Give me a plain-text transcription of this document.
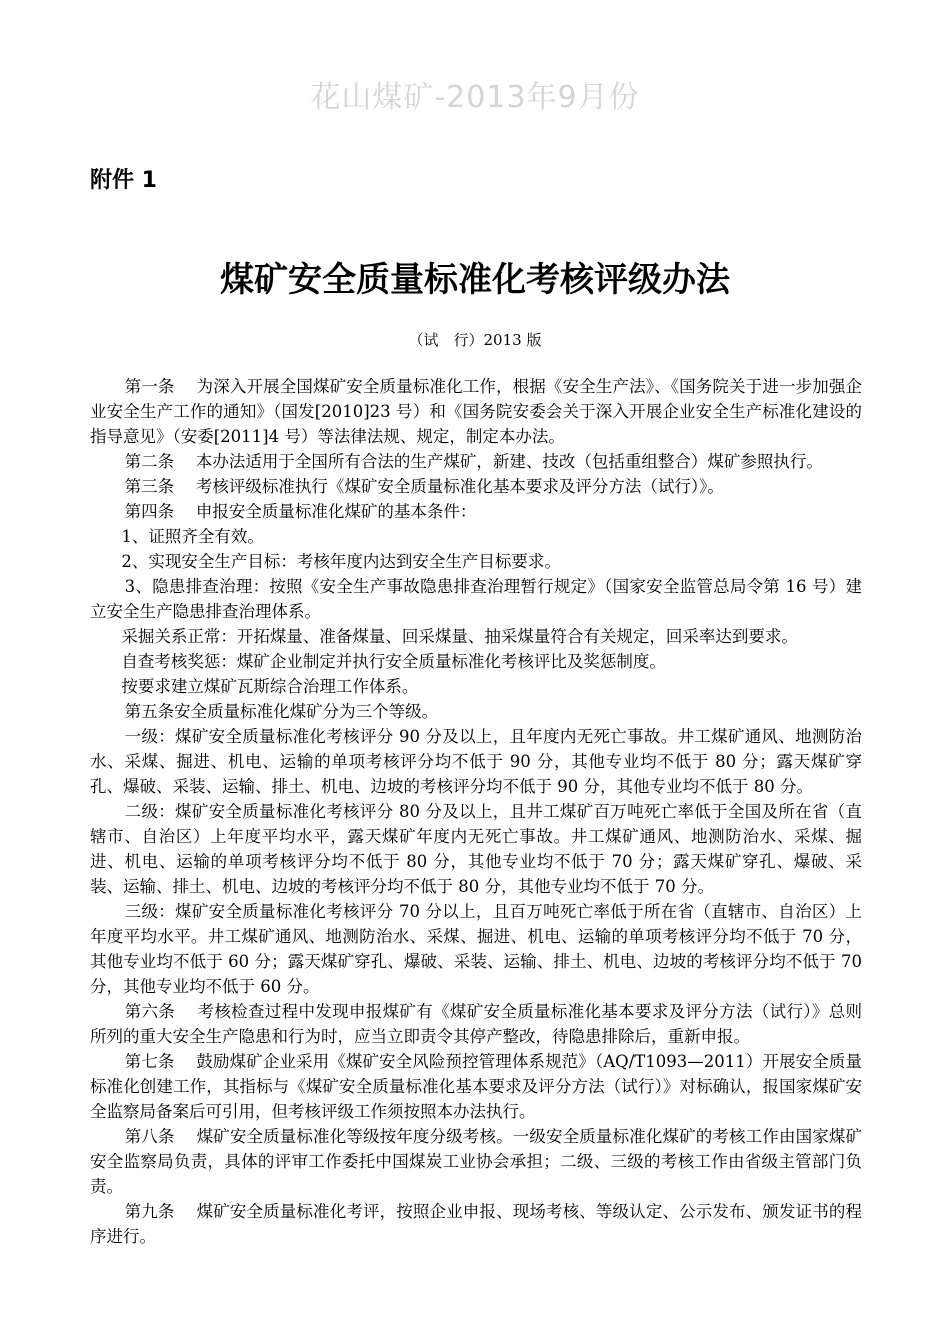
花山煤矿-2013年9月份
附件 1
煤矿安全质量标准化考核评级办法
（试　行）2013 版

第一条　 为深入开展全国煤矿安全质量标准化工作，根据《安全生产法》、《国务院关于进一步加强企业安全生产工作的通知》（国发[2010]23 号）和《国务院安委会关于深入开展企业安全生产标准化建设的指导意见》（安委[2011]4 号）等法律法规、规定，制定本办法。

第二条　 本办法适用于全国所有合法的生产煤矿，新建、技改（包括重组整合）煤矿参照执行。

第三条　 考核评级标准执行《煤矿安全质量标准化基本要求及评分方法（试行）》。

第四条　 申报安全质量标准化煤矿的基本条件：

1、证照齐全有效。

2、实现安全生产目标：考核年度内达到安全生产目标要求。

3、隐患排查治理：按照《安全生产事故隐患排查治理暂行规定》（国家安全监管总局令第 16 号）建立安全生产隐患排查治理体系。

采掘关系正常：开拓煤量、准备煤量、回采煤量、抽采煤量符合有关规定，回采率达到要求。

自查考核奖惩：煤矿企业制定并执行安全质量标准化考核评比及奖惩制度。

按要求建立煤矿瓦斯综合治理工作体系。

第五条安全质量标准化煤矿分为三个等级。

一级：煤矿安全质量标准化考核评分 90 分及以上，且年度内无死亡事故。井工煤矿通风、地测防治水、采煤、掘进、机电、运输的单项考核评分均不低于 90 分，其他专业均不低于 80 分；露天煤矿穿孔、爆破、采装、运输、排土、机电、边坡的考核评分均不低于 90 分，其他专业均不低于 80 分。

二级：煤矿安全质量标准化考核评分 80 分及以上，且井工煤矿百万吨死亡率低于全国及所在省（直辖市、自治区）上年度平均水平，露天煤矿年度内无死亡事故。井工煤矿通风、地测防治水、采煤、掘进、机电、运输的单项考核评分均不低于 80 分，其他专业均不低于 70 分；露天煤矿穿孔、爆破、采装、运输、排土、机电、边坡的考核评分均不低于 80 分，其他专业均不低于 70 分。

三级：煤矿安全质量标准化考核评分 70 分以上，且百万吨死亡率低于所在省（直辖市、自治区）上年度平均水平。井工煤矿通风、地测防治水、采煤、掘进、机电、运输的单项考核评分均不低于 70 分，其他专业均不低于 60 分；露天煤矿穿孔、爆破、采装、运输、排土、机电、边坡的考核评分均不低于 70 分，其他专业均不低于 60 分。

第六条　 考核检查过程中发现申报煤矿有《煤矿安全质量标准化基本要求及评分方法（试行）》总则所列的重大安全生产隐患和行为时，应当立即责令其停产整改，待隐患排除后，重新申报。

第七条　 鼓励煤矿企业采用《煤矿安全风险预控管理体系规范》（AQ/T1093—2011）开展安全质量标准化创建工作，其指标与《煤矿安全质量标准化基本要求及评分方法（试行）》对标确认，报国家煤矿安全监察局备案后可引用，但考核评级工作须按照本办法执行。

第八条　 煤矿安全质量标准化等级按年度分级考核。一级安全质量标准化煤矿的考核工作由国家煤矿安全监察局负责，具体的评审工作委托中国煤炭工业协会承担；二级、三级的考核工作由省级主管部门负责。

第九条　 煤矿安全质量标准化考评，按照企业申报、现场考核、等级认定、公示发布、颁发证书的程序进行。
